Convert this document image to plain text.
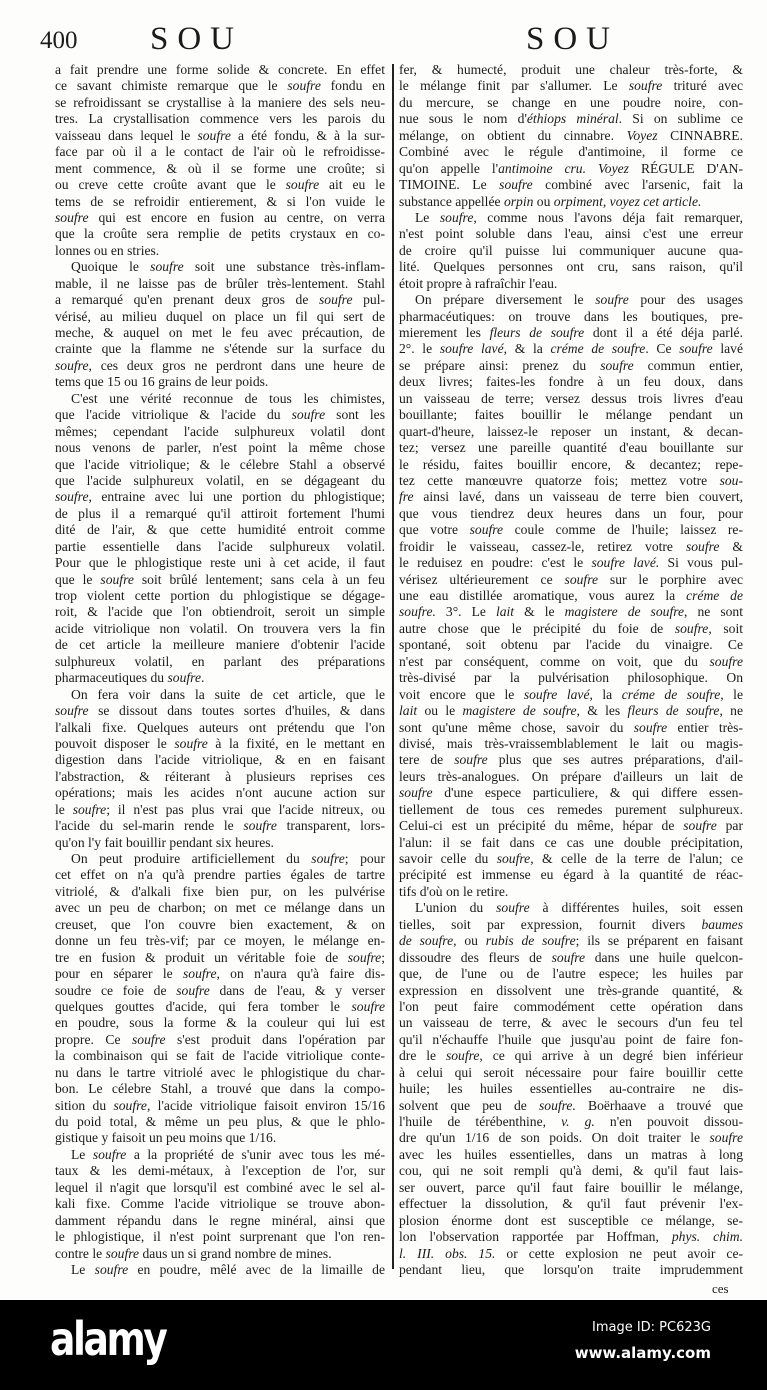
400 SOU	SOU
a fait prendre une forme solide & concrete. En effet
ce savant chimiste remarque que le soufre fondu en
se refroidissant se crystallise à la maniere des sels neu-
tres. La crystallisation commence vers les parois du
vaisseau dans lequel le soufre a été fondu, & à la sur-
face par où il a le contact de l'air où le refroidisse-
ment commence, & où il se forme une croûte; si
ou creve cette croûte avant que le soufre ait eu le
tems de se refroidir entierement, & si l'on vuide le
soufre qui est encore en fusion au centre, on verra
que la croûte sera remplie de petits crystaux en co-
lonnes ou en stries.
Quoique le soufre soit une substance très-inflam-
mable, il ne laisse pas de brûler très-lentement. Stahl
a remarqué qu'en prenant deux gros de soufre pul-
vérisé, au milieu duquel on place un fil qui sert de
meche, & auquel on met le feu avec précaution, de
crainte que la flamme ne s'étende sur la surface du
soufre, ces deux gros ne perdront dans une heure de
tems que 15 ou 16 grains de leur poids.
C'est une vérité reconnue de tous les chimistes,
que l'acide vitriolique & l'acide du soufre sont les
mêmes; cependant l'acide sulphureux volatil dont
nous venons de parler, n'est point la même chose
que l'acide vitriolique; & le célebre Stahl a observé
que l'acide sulphureux volatil, en se dégageant du
soufre, entraine avec lui une portion du phlogistique;
de plus il a remarqué qu'il attiroit fortement l'humi
dité de l'air, & que cette humidité entroit comme
partie essentielle dans l'acide sulphureux volatil.
Pour que le phlogistique reste uni à cet acide, il faut
que le soufre soit brûlé lentement; sans cela à un feu
trop violent cette portion du phlogistique se dégage-
roit, & l'acide que l'on obtiendroit, seroit un simple
acide vitriolique non volatil. On trouvera vers la fin
de cet article la meilleure maniere d'obtenir l'acide
sulphureux volatil, en parlant des préparations
pharmaceutiques du soufre.
On fera voir dans la suite de cet article, que le
soufre se dissout dans toutes sortes d'huiles, & dans
l'alkali fixe. Quelques auteurs ont prétendu que l'on
pouvoit disposer le soufre à la fixité, en le mettant en
digestion dans l'acide vitriolique, & en en faisant
l'abstraction, & réiterant à plusieurs reprises ces
opérations; mais les acides n'ont aucune action sur
le soufre; il n'est pas plus vrai que l'acide nitreux, ou
l'acide du sel-marin rende le soufre transparent, lors-
qu'on l'y fait bouillir pendant six heures.
On peut produire artificiellement du soufre; pour
cet effet on n'a qu'à prendre parties égales de tartre
vitriolé, & d'alkali fixe bien pur, on les pulvérise
avec un peu de charbon; on met ce mélange dans un
creuset, que l'on couvre bien exactement, & on
donne un feu très-vif; par ce moyen, le mélange en-
tre en fusion & produit un véritable foie de soufre;
pour en séparer le soufre, on n'aura qu'à faire dis-
soudre ce foie de soufre dans de l'eau, & y verser
quelques gouttes d'acide, qui fera tomber le soufre
en poudre, sous la forme & la couleur qui lui est
propre. Ce soufre s'est produit dans l'opération par
la combinaison qui se fait de l'acide vitriolique conte-
nu dans le tartre vitriolé avec le phlogistique du char-
bon. Le célebre Stahl, a trouvé que dans la compo-
sition du soufre, l'acide vitriolique faisoit environ 15/16
du poid total, & même un peu plus, & que le phlo-
gistique y faisoit un peu moins que 1/16.
Le soufre a la propriété de s'unir avec tous les mé-
taux & les demi-métaux, à l'exception de l'or, sur
lequel il n'agit que lorsqu'il est combiné avec le sel al-
kali fixe. Comme l'acide vitriolique se trouve abon-
damment répandu dans le regne minéral, ainsi que
le phlogistique, il n'est point surprenant que l'on ren-
contre le soufre daus un si grand nombre de mines.
Le soufre en poudre, mêlé avec de la limaille de
fer, & humecté, produit une chaleur très-forte, &
le mélange finit par s'allumer. Le soufre trituré avec
du mercure, se change en une poudre noire, con-
nue sous le nom d'éthiops minéral. Si on sublime ce
mélange, on obtient du cinnabre. Voyez CINNABRE.
Combiné avec le régule d'antimoine, il forme ce
qu'on appelle l'antimoine cru. Voyez RÉGULE D'AN-
TIMOINE. Le soufre combiné avec l'arsenic, fait la
substance appellée orpin ou orpiment, voyez cet article.
Le soufre, comme nous l'avons déja fait remarquer,
n'est point soluble dans l'eau, ainsi c'est une erreur
de croire qu'il puisse lui communiquer aucune qua-
lité. Quelques personnes ont cru, sans raison, qu'il
étoit propre à rafraîchir l'eau.
On prépare diversement le soufre pour des usages
pharmacéutiques: on trouve dans les boutiques, pre-
mierement les fleurs de soufre dont il a été déja parlé.
2°. le soufre lavé, & la créme de soufre. Ce soufre lavé
se prépare ainsi: prenez du soufre commun entier,
deux livres; faites-les fondre à un feu doux, dans
un vaisseau de terre; versez dessus trois livres d'eau
bouillante; faites bouillir le mélange pendant un
quart-d'heure, laissez-le reposer un instant, & decan-
tez; versez une pareille quantité d'eau bouillante sur
le résidu, faites bouillir encore, & decantez; repe-
tez cette manœuvre quatorze fois; mettez votre sou-
fre ainsi lavé, dans un vaisseau de terre bien couvert,
que vous tiendrez deux heures dans un four, pour
que votre soufre coule comme de l'huile; laissez re-
froidir le vaisseau, cassez-le, retirez votre soufre &
le reduisez en poudre: c'est le soufre lavé. Si vous pul-
vérisez ultérieurement ce soufre sur le porphire avec
une eau distillée aromatique, vous aurez la créme de
soufre. 3°. Le lait & le magistere de soufre, ne sont
autre chose que le précipité du foie de soufre, soit
spontané, soit obtenu par l'acide du vinaigre. Ce
n'est par conséquent, comme on voit, que du soufre
très-divisé par la pulvérisation philosophique. On
voit encore que le soufre lavé, la créme de soufre, le
lait ou le magistere de soufre, & les fleurs de soufre, ne
sont qu'une même chose, savoir du soufre entier très-
divisé, mais très-vraissemblablement le lait ou magis-
tere de soufre plus que ses autres préparations, d'ail-
leurs très-analogues. On prépare d'ailleurs un lait de
soufre d'une espece particuliere, & qui differe essen-
tiellement de tous ces remedes purement sulphureux.
Celui-ci est un précipité du même, hépar de soufre par
l'alun: il se fait dans ce cas une double précipitation,
savoir celle du soufre, & celle de la terre de l'alun; ce
précipité est immense eu égard à la quantité de réac-
tifs d'où on le retire.
L'union du soufre à différentes huiles, soit essen
tielles, soit par expression, fournit divers baumes
de soufre, ou rubis de soufre; ils se préparent en faisant
dissoudre des fleurs de soufre dans une huile quelcon-
que, de l'une ou de l'autre espece; les huiles par
expression en dissolvent une très-grande quantité, &
l'on peut faire commodément cette opération dans
un vaisseau de terre, & avec le secours d'un feu tel
qu'il n'échauffe l'huile que jusqu'au point de faire fon-
dre le soufre, ce qui arrive à un degré bien inférieur
à celui qui seroit nécessaire pour faire bouillir cette
huile; les huiles essentielles au-contraire ne dis-
solvent que peu de soufre. Boërhaave a trouvé que
l'huile de térébenthine, v. g. n'en pouvoit dissou-
dre qu'un 1/16 de son poids. On doit traiter le soufre
avec les huiles essentielles, dans un matras à long
cou, qui ne soit rempli qu'à demi, & qu'il faut lais-
ser ouvert, parce qu'il faut faire bouillir le mélange,
effectuer la dissolution, & qu'il faut prévenir l'ex-
plosion énorme dont est susceptible ce mélange, se-
lon l'observation rapportée par Hoffman, phys. chim.
l. III. obs. 15. or cette explosion ne peut avoir ce-
pendant lieu, que lorsqu'on traite imprudemment
ces
alamy	Image ID: PC623G
www.alamy.com
